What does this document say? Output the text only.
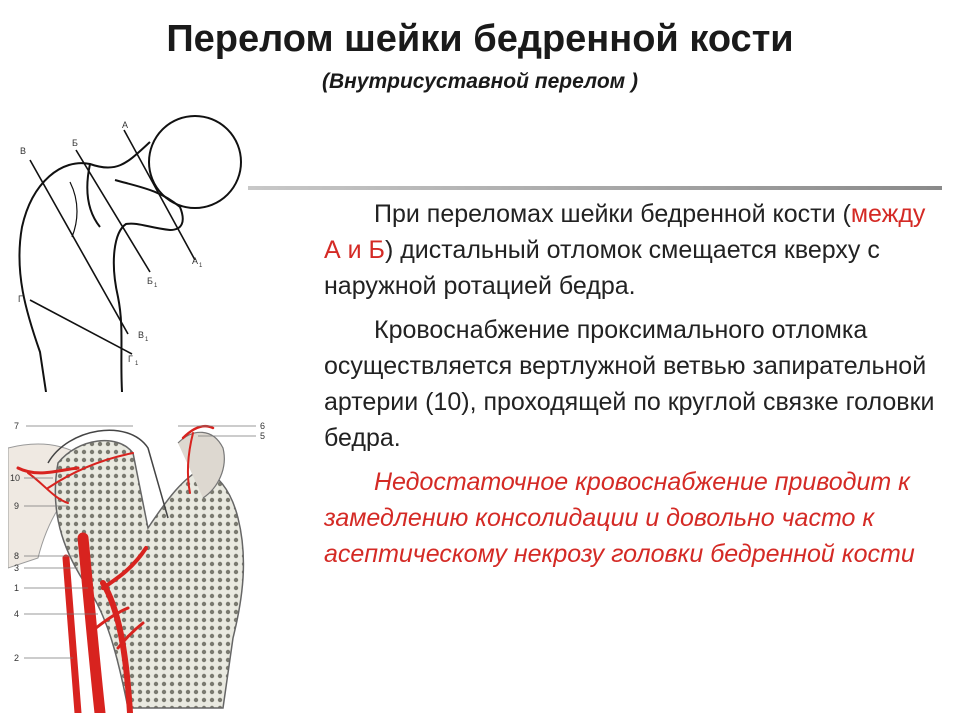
Перелом шейки бедренной кости
(Внутрисуставной перелом )
А
Б
В
Г
А 1
Б 1
В 1
Г 1
7	6
5
10
9
8
3
1
4
2

При переломах шейки бедренной кости (между А и Б) дистальный отломок смещается кверху с наружной ротацией бедра.

Кровоснабжение проксимального отломка осуществляется вертлужной ветвью запирательной артерии (10), проходящей по круглой связке головки бедра.

Недостаточное кровоснабжение приводит к замедлению консолидации и довольно часто к асептическому некрозу головки бедренной кости
